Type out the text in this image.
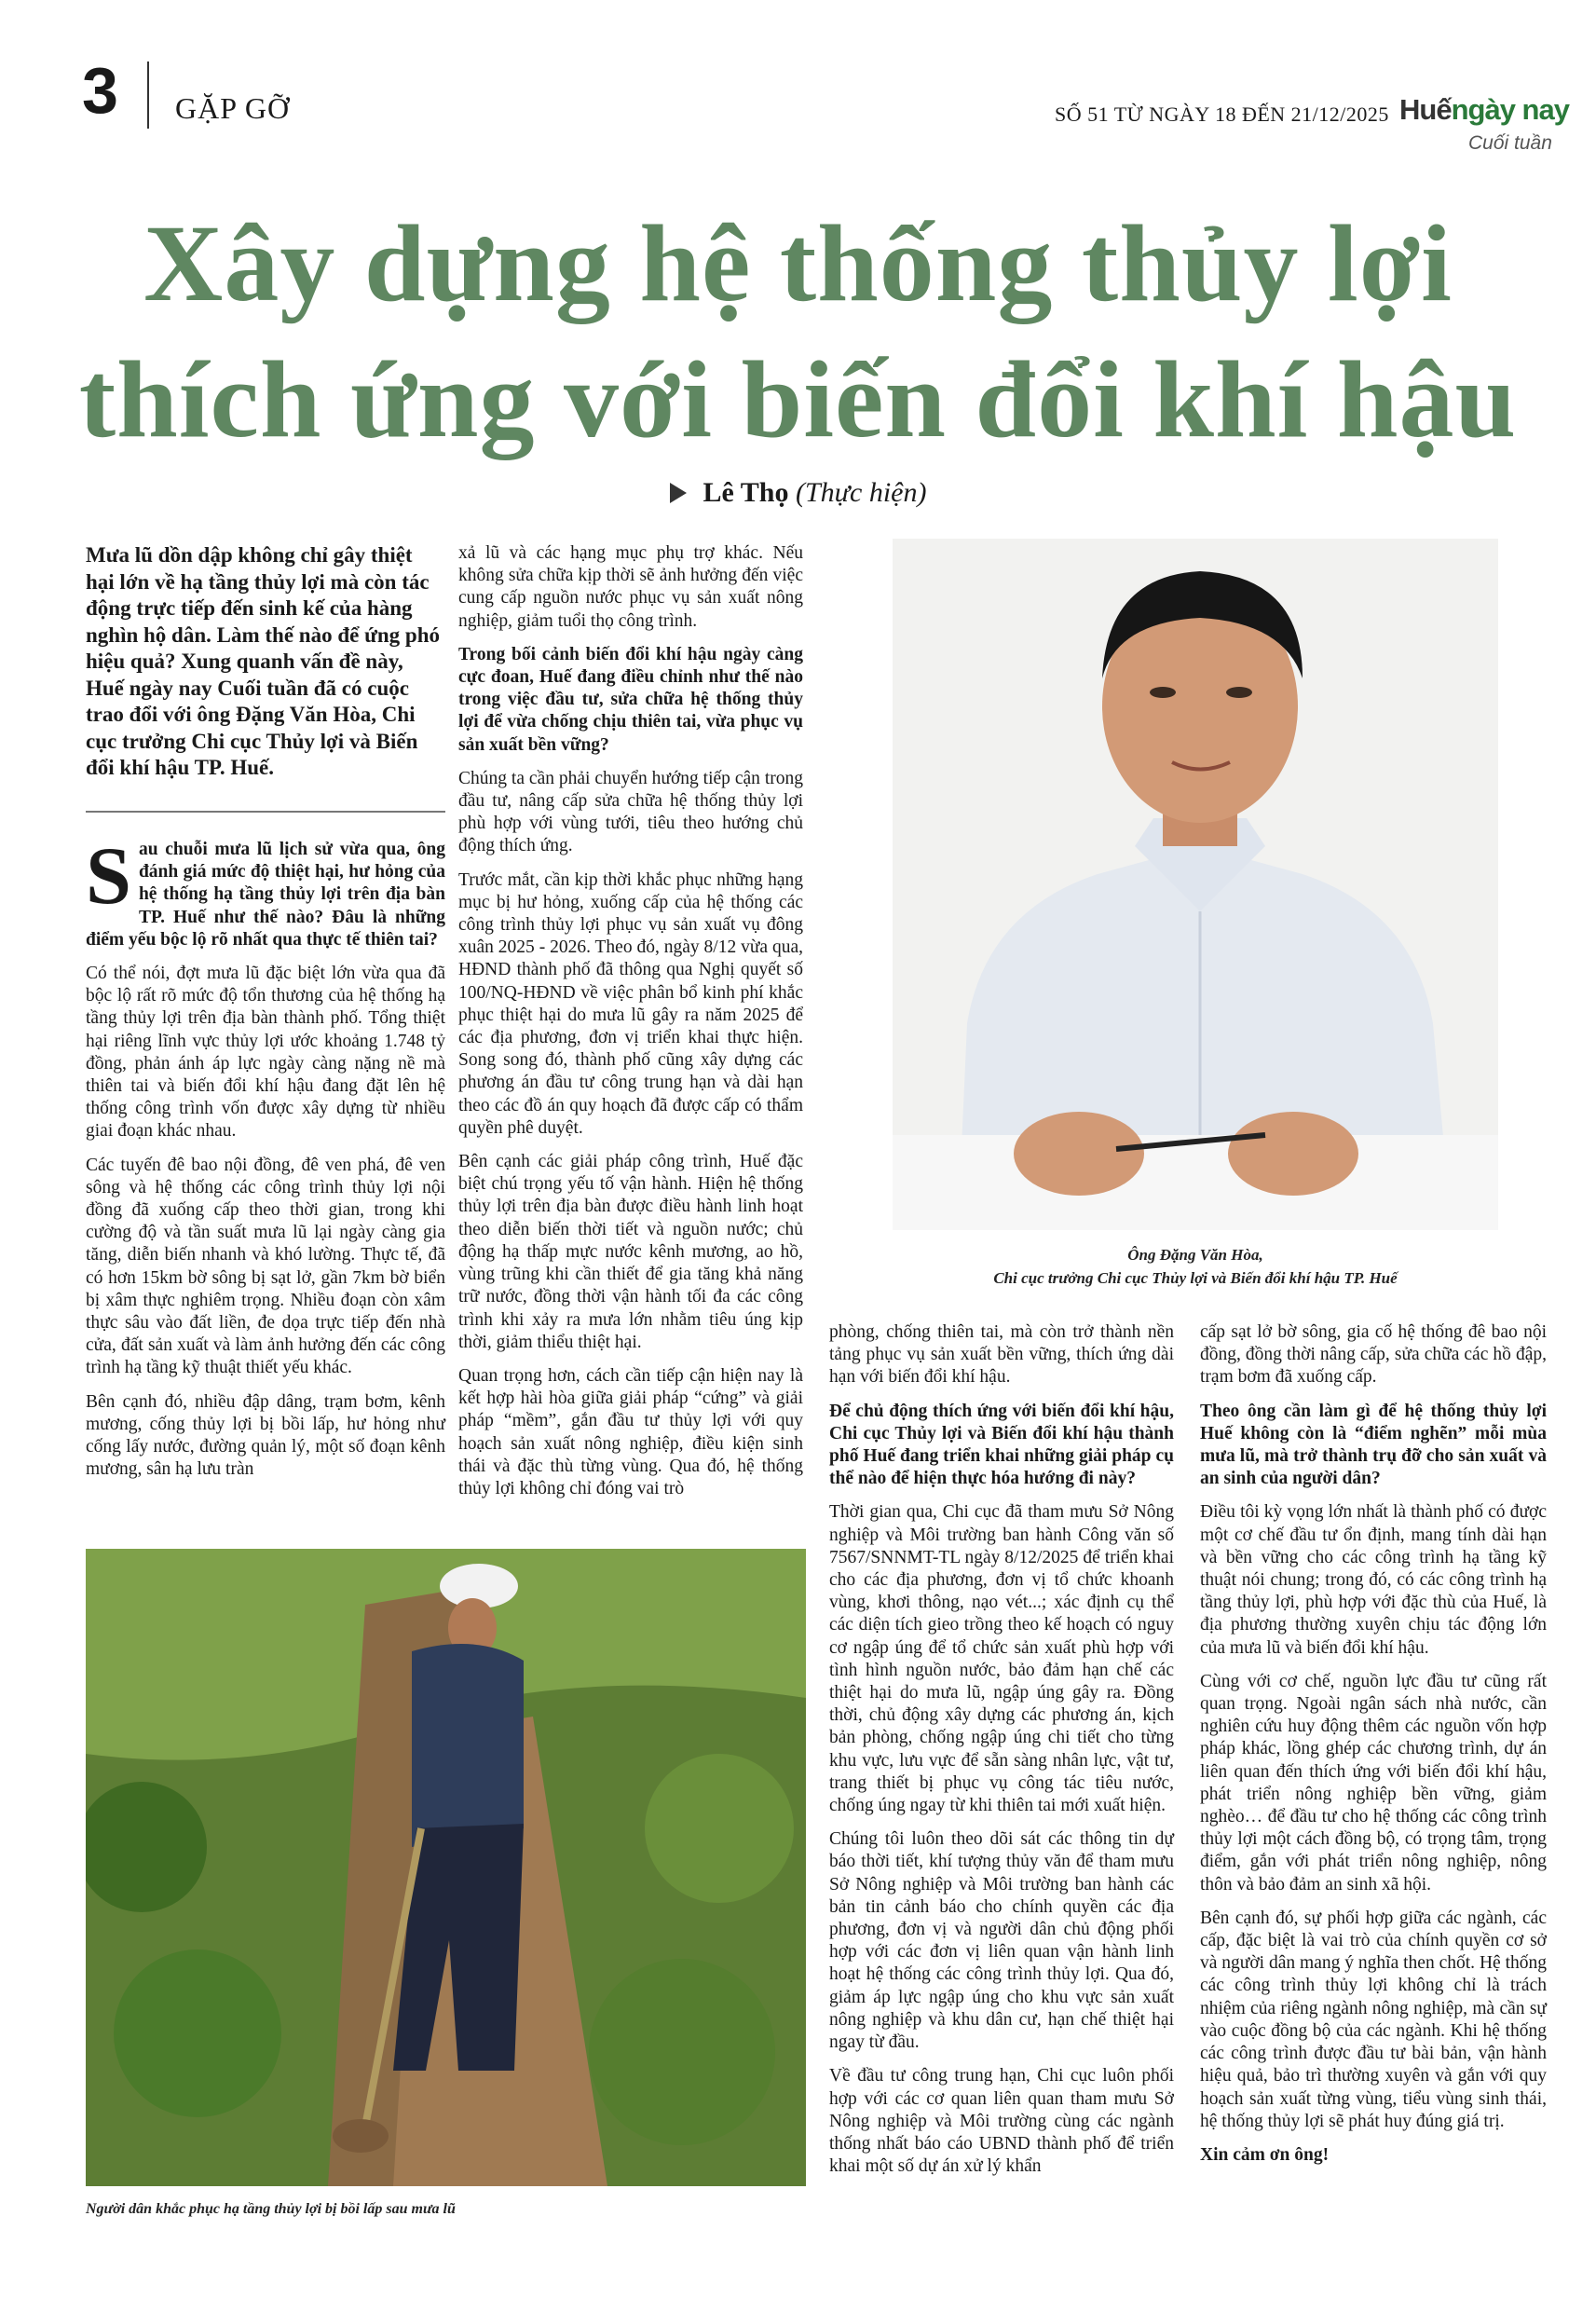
3 GẶP GỠ	SỐ 51 TỪ NGÀY 18 ĐẾN 21/12/2025 Huếngày nay
Cuối tuần
Xây dựng hệ thống thủy lợi
thích ứng với biến đổi khí hậu
Lê Thọ (Thực hiện)
Mưa lũ dồn dập không chỉ gây thiệt hại lớn về hạ tầng thủy lợi mà còn tác động trực tiếp đến sinh kế của hàng nghìn hộ dân. Làm thế nào để ứng phó hiệu quả? Xung quanh vấn đề này, Huế ngày nay Cuối tuần đã có cuộc trao đổi với ông Đặng Văn Hòa, Chi cục trưởng Chi cục Thủy lợi và Biến đổi khí hậu TP. Huế.

Sau chuỗi mưa lũ lịch sử vừa qua, ông đánh giá mức độ thiệt hại, hư hỏng của hệ thống hạ tầng thủy lợi trên địa bàn TP. Huế như thế nào? Đâu là những điểm yếu bộc lộ rõ nhất qua thực tế thiên tai?

Có thể nói, đợt mưa lũ đặc biệt lớn vừa qua đã bộc lộ rất rõ mức độ tổn thương của hệ thống hạ tầng thủy lợi trên địa bàn thành phố. Tổng thiệt hại riêng lĩnh vực thủy lợi ước khoảng 1.748 tỷ đồng, phản ánh áp lực ngày càng nặng nề mà thiên tai và biến đổi khí hậu đang đặt lên hệ thống công trình vốn được xây dựng từ nhiều giai đoạn khác nhau.

Các tuyến đê bao nội đồng, đê ven phá, đê ven sông và hệ thống các công trình thủy lợi nội đồng đã xuống cấp theo thời gian, trong khi cường độ và tần suất mưa lũ lại ngày càng gia tăng, diễn biến nhanh và khó lường. Thực tế, đã có hơn 15km bờ sông bị sạt lở, gần 7km bờ biển bị xâm thực nghiêm trọng. Nhiều đoạn còn xâm thực sâu vào đất liền, đe dọa trực tiếp đến nhà cửa, đất sản xuất và làm ảnh hưởng đến các công trình hạ tầng kỹ thuật thiết yếu khác.

Bên cạnh đó, nhiều đập dâng, trạm bơm, kênh mương, cống thủy lợi bị bồi lấp, hư hỏng như cống lấy nước, đường quản lý, một số đoạn kênh mương, sân hạ lưu tràn

xả lũ và các hạng mục phụ trợ khác. Nếu không sửa chữa kịp thời sẽ ảnh hưởng đến việc cung cấp nguồn nước phục vụ sản xuất nông nghiệp, giảm tuổi thọ công trình.

Trong bối cảnh biến đổi khí hậu ngày càng cực đoan, Huế đang điều chỉnh như thế nào trong việc đầu tư, sửa chữa hệ thống thủy lợi để vừa chống chịu thiên tai, vừa phục vụ sản xuất bền vững?

Chúng ta cần phải chuyển hướng tiếp cận trong đầu tư, nâng cấp sửa chữa hệ thống thủy lợi phù hợp với vùng tưới, tiêu theo hướng chủ động thích ứng.

Trước mắt, cần kịp thời khắc phục những hạng mục bị hư hỏng, xuống cấp của hệ thống các công trình thủy lợi phục vụ sản xuất vụ đông xuân 2025 - 2026. Theo đó, ngày 8/12 vừa qua, HĐND thành phố đã thông qua Nghị quyết số 100/NQ-HĐND về việc phân bổ kinh phí khắc phục thiệt hại do mưa lũ gây ra năm 2025 để các địa phương, đơn vị triển khai thực hiện. Song song đó, thành phố cũng xây dựng các phương án đầu tư công trung hạn và dài hạn theo các đồ án quy hoạch đã được cấp có thẩm quyền phê duyệt.

Bên cạnh các giải pháp công trình, Huế đặc biệt chú trọng yếu tố vận hành. Hiện hệ thống thủy lợi trên địa bàn được điều hành linh hoạt theo diễn biến thời tiết và nguồn nước; chủ động hạ thấp mực nước kênh mương, ao hồ, vùng trũng khi cần thiết để gia tăng khả năng trữ nước, đồng thời vận hành tối đa các công trình khi xảy ra mưa lớn nhằm tiêu úng kịp thời, giảm thiểu thiệt hại.

Quan trọng hơn, cách cần tiếp cận hiện nay là kết hợp hài hòa giữa giải pháp “cứng” và giải pháp “mềm”, gắn đầu tư thủy lợi với quy hoạch sản xuất nông nghiệp, điều kiện sinh thái và đặc thù từng vùng. Qua đó, hệ thống thủy lợi không chỉ đóng vai trò

Ông Đặng Văn Hòa,
Chi cục trưởng Chi cục Thủy lợi và Biến đổi khí hậu TP. Huế

phòng, chống thiên tai, mà còn trở thành nền tảng phục vụ sản xuất bền vững, thích ứng dài hạn với biến đổi khí hậu.

Để chủ động thích ứng với biến đổi khí hậu, Chi cục Thủy lợi và Biến đổi khí hậu thành phố Huế đang triển khai những giải pháp cụ thể nào để hiện thực hóa hướng đi này?

Thời gian qua, Chi cục đã tham mưu Sở Nông nghiệp và Môi trường ban hành Công văn số 7567/SNNMT-TL ngày 8/12/2025 để triển khai cho các địa phương, đơn vị tổ chức khoanh vùng, khơi thông, nạo vét...; xác định cụ thể các diện tích gieo trồng theo kế hoạch có nguy cơ ngập úng để tổ chức sản xuất phù hợp với tình hình nguồn nước, bảo đảm hạn chế các thiệt hại do mưa lũ, ngập úng gây ra. Đồng thời, chủ động xây dựng các phương án, kịch bản phòng, chống ngập úng chi tiết cho từng khu vực, lưu vực để sẵn sàng nhân lực, vật tư, trang thiết bị phục vụ công tác tiêu nước, chống úng ngay từ khi thiên tai mới xuất hiện.

Chúng tôi luôn theo dõi sát các thông tin dự báo thời tiết, khí tượng thủy văn để tham mưu Sở Nông nghiệp và Môi trường ban hành các bản tin cảnh báo cho chính quyền các địa phương, đơn vị và người dân chủ động phối hợp với các đơn vị liên quan vận hành linh hoạt hệ thống các công trình thủy lợi. Qua đó, giảm áp lực ngập úng cho khu vực sản xuất nông nghiệp và khu dân cư, hạn chế thiệt hại ngay từ đầu.

Về đầu tư công trung hạn, Chi cục luôn phối hợp với các cơ quan liên quan tham mưu Sở Nông nghiệp và Môi trường cùng các ngành thống nhất báo cáo UBND thành phố để triển khai một số dự án xử lý khẩn

cấp sạt lở bờ sông, gia cố hệ thống đê bao nội đồng, đồng thời nâng cấp, sửa chữa các hồ đập, trạm bơm đã xuống cấp.

Theo ông cần làm gì để hệ thống thủy lợi Huế không còn là “điểm nghẽn” mỗi mùa mưa lũ, mà trở thành trụ đỡ cho sản xuất và an sinh của người dân?

Điều tôi kỳ vọng lớn nhất là thành phố có được một cơ chế đầu tư ổn định, mang tính dài hạn và bền vững cho các công trình hạ tầng kỹ thuật nói chung; trong đó, có các công trình hạ tầng thủy lợi, phù hợp với đặc thù của Huế, là địa phương thường xuyên chịu tác động lớn của mưa lũ và biến đổi khí hậu.

Cùng với cơ chế, nguồn lực đầu tư cũng rất quan trọng. Ngoài ngân sách nhà nước, cần nghiên cứu huy động thêm các nguồn vốn hợp pháp khác, lồng ghép các chương trình, dự án liên quan đến thích ứng với biến đổi khí hậu, phát triển nông nghiệp bền vững, giảm nghèo… để đầu tư cho hệ thống các công trình thủy lợi một cách đồng bộ, có trọng tâm, trọng điểm, gắn với phát triển nông nghiệp, nông thôn và bảo đảm an sinh xã hội.

Bên cạnh đó, sự phối hợp giữa các ngành, các cấp, đặc biệt là vai trò của chính quyền cơ sở và người dân mang ý nghĩa then chốt. Hệ thống các công trình thủy lợi không chỉ là trách nhiệm của riêng ngành nông nghiệp, mà cần sự vào cuộc đồng bộ của các ngành. Khi hệ thống các công trình được đầu tư bài bản, vận hành hiệu quả, bảo trì thường xuyên và gắn với quy hoạch sản xuất từng vùng, tiểu vùng sinh thái, hệ thống thủy lợi sẽ phát huy đúng giá trị.

Xin cảm ơn ông!

Người dân khắc phục hạ tầng thủy lợi bị bồi lấp sau mưa lũ
